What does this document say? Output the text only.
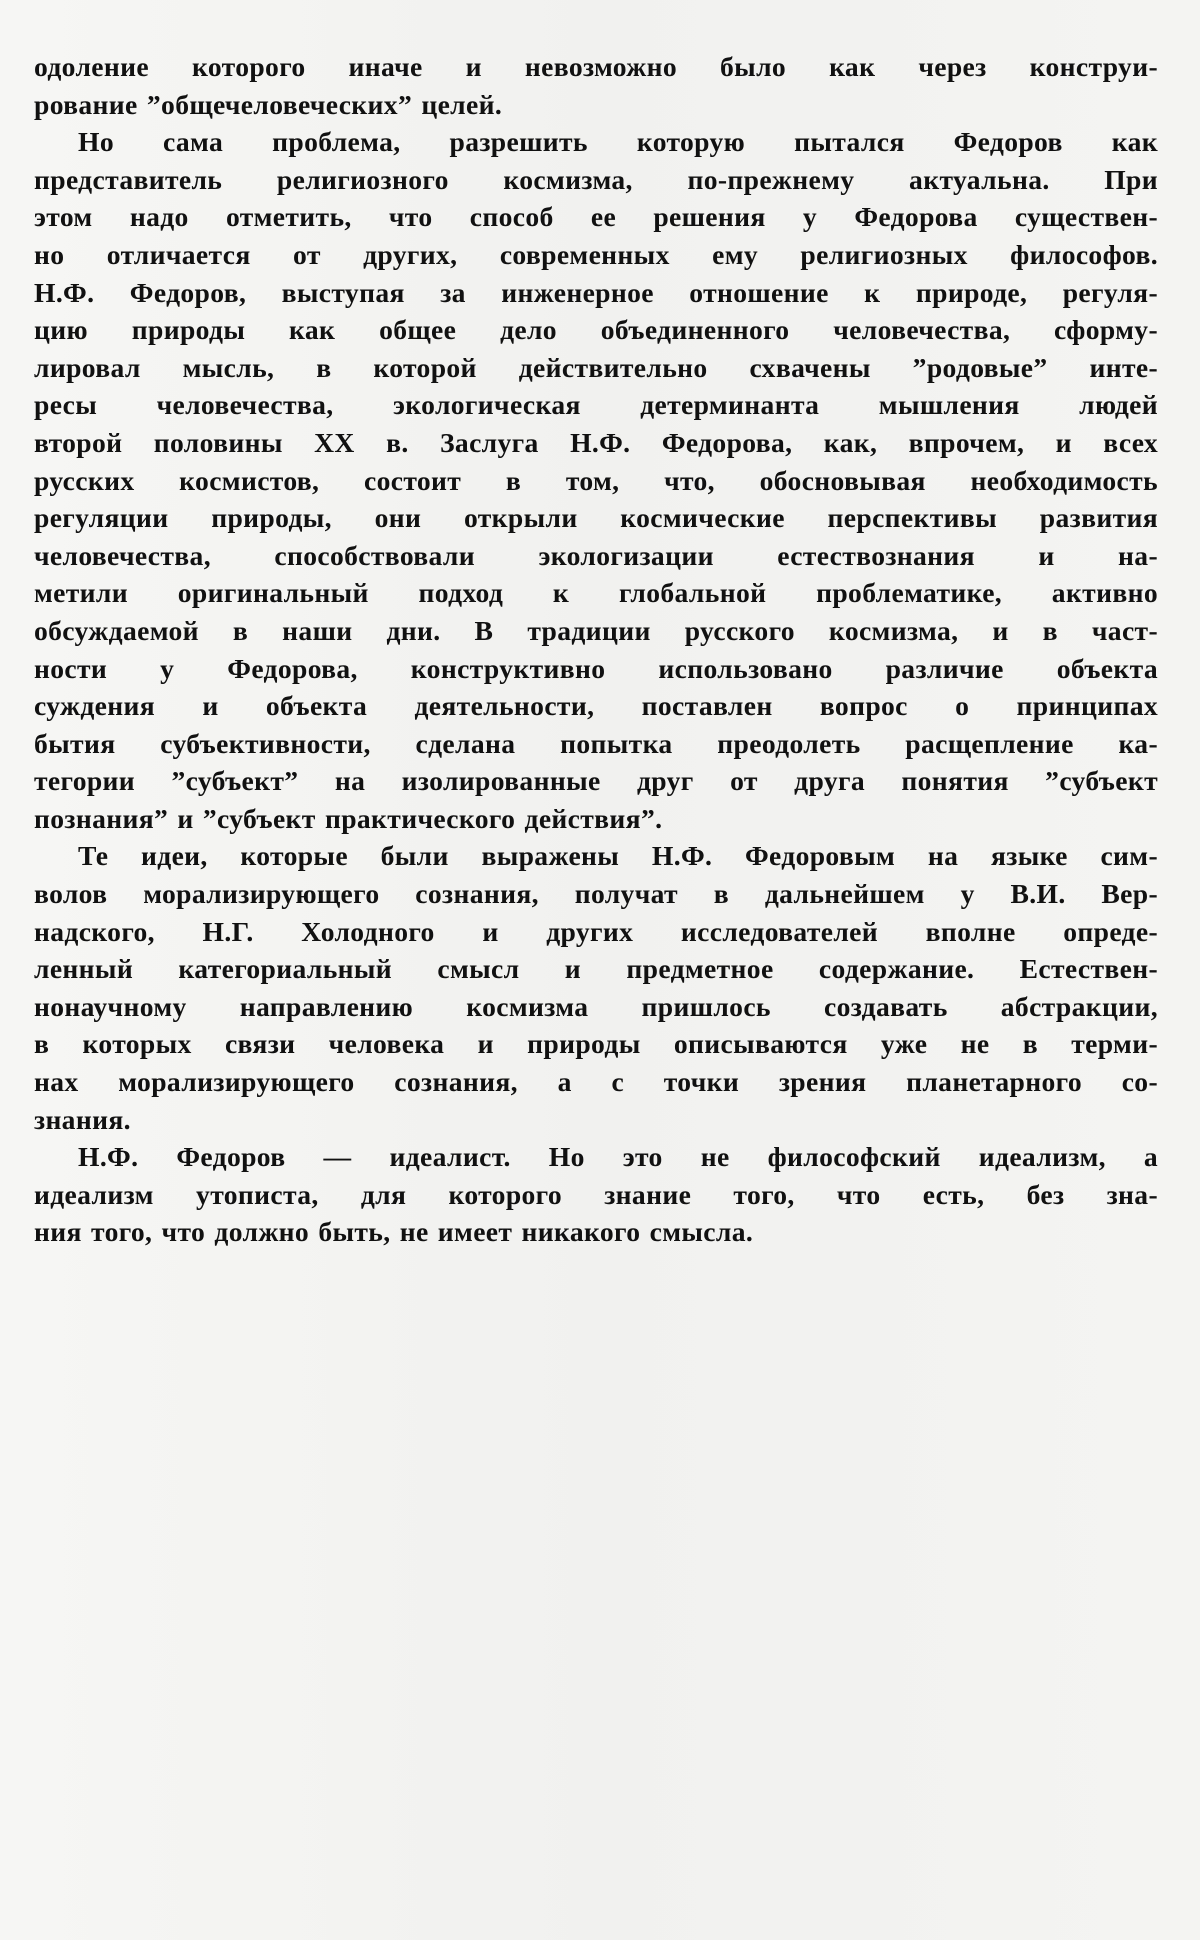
одоление которого иначе и невозможно было как через конструи-
рование ”общечеловеческих” целей.
Но сама проблема, разрешить которую пытался Федоров как
представитель религиозного космизма, по-прежнему актуальна. При
этом надо отметить, что способ ее решения у Федорова существен-
но отличается от других, современных ему религиозных философов.
Н.Ф. Федоров, выступая за инженерное отношение к природе, регуля-
цию природы как общее дело объединенного человечества, сформу-
лировал мысль, в которой действительно схвачены ”родовые” инте-
ресы человечества, экологическая детерминанта мышления людей
второй половины XX в. Заслуга Н.Ф. Федорова, как, впрочем, и всех
русских космистов, состоит в том, что, обосновывая необходимость
регуляции природы, они открыли космические перспективы развития
человечества, способствовали экологизации естествознания и на-
метили оригинальный подход к глобальной проблематике, активно
обсуждаемой в наши дни. В традиции русского космизма, и в част-
ности у Федорова, конструктивно использовано различие объекта
суждения и объекта деятельности, поставлен вопрос о принципах
бытия субъективности, сделана попытка преодолеть расщепление ка-
тегории ”субъект” на изолированные друг от друга понятия ”субъект
познания” и ”субъект практического действия”.
Те идеи, которые были выражены Н.Ф. Федоровым на языке сим-
волов морализирующего сознания, получат в дальнейшем у В.И. Вер-
надского, Н.Г. Холодного и других исследователей вполне опреде-
ленный категориальный смысл и предметное содержание. Естествен-
нонаучному направлению космизма пришлось создавать абстракции,
в которых связи человека и природы описываются уже не в терми-
нах морализирующего сознания, а с точки зрения планетарного со-
знания.
Н.Ф. Федоров — идеалист. Но это не философский идеализм, а
идеализм утописта, для которого знание того, что есть, без зна-
ния того, что должно быть, не имеет никакого смысла.
